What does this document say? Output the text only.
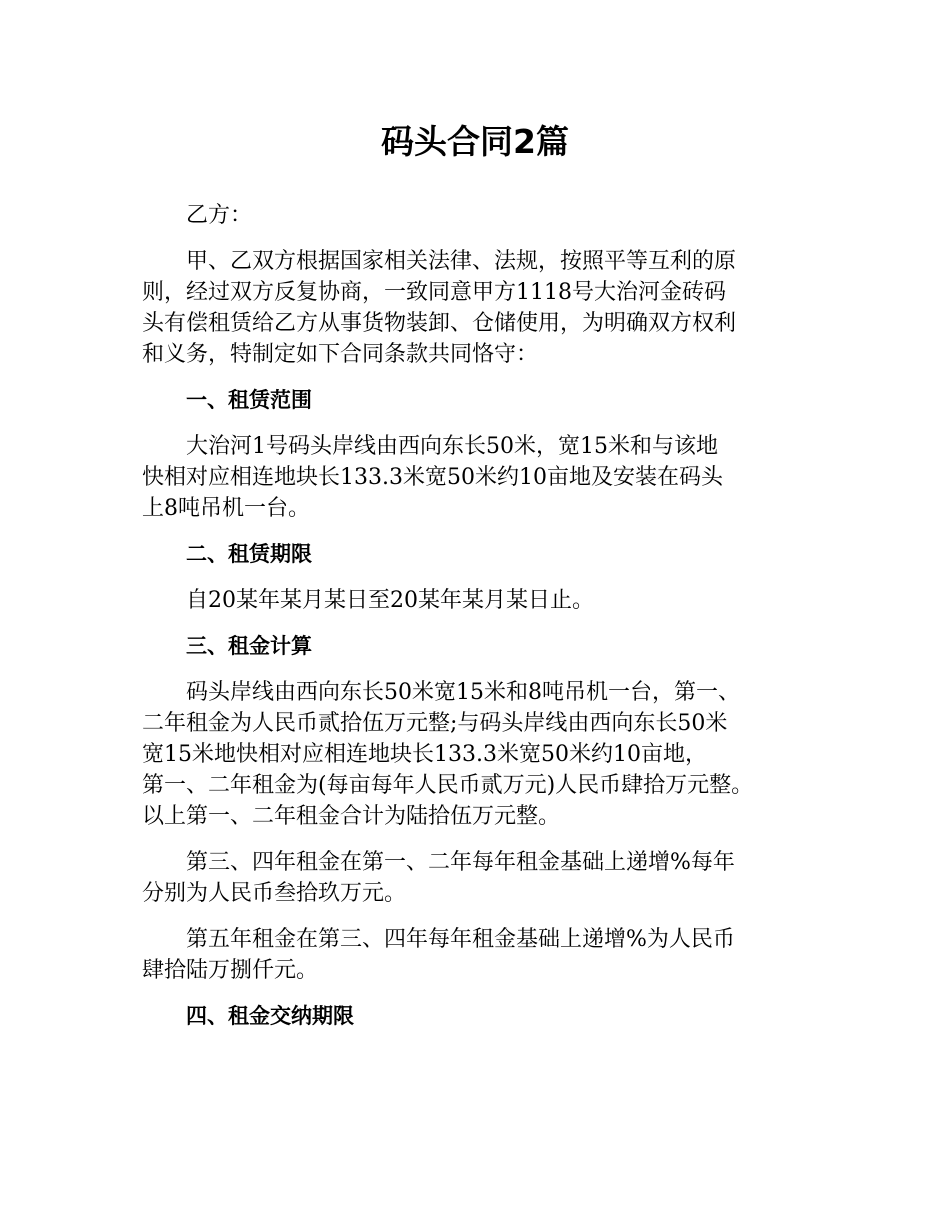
码头合同2篇

乙方：

甲、乙双方根据国家相关法律、法规，按照平等互利的原
则，经过双方反复协商，一致同意甲方1118号大治河金砖码
头有偿租赁给乙方从事货物装卸、仓储使用，为明确双方权利
和义务，特制定如下合同条款共同恪守：

一、租赁范围

大治河1号码头岸线由西向东长50米，宽15米和与该地
快相对应相连地块长133.3米宽50米约10亩地及安装在码头
上8吨吊机一台。

二、租赁期限

自20某年某月某日至20某年某月某日止。

三、租金计算

码头岸线由西向东长50米宽15米和8吨吊机一台，第一、
二年租金为人民币贰拾伍万元整;与码头岸线由西向东长50米
宽15米地快相对应相连地块长133.3米宽50米约10亩地，
第一、二年租金为(每亩每年人民币贰万元)人民币肆拾万元整。
以上第一、二年租金合计为陆拾伍万元整。

第三、四年租金在第一、二年每年租金基础上递增%每年
分别为人民币叁拾玖万元。

第五年租金在第三、四年每年租金基础上递增%为人民币
肆拾陆万捌仟元。

四、租金交纳期限
